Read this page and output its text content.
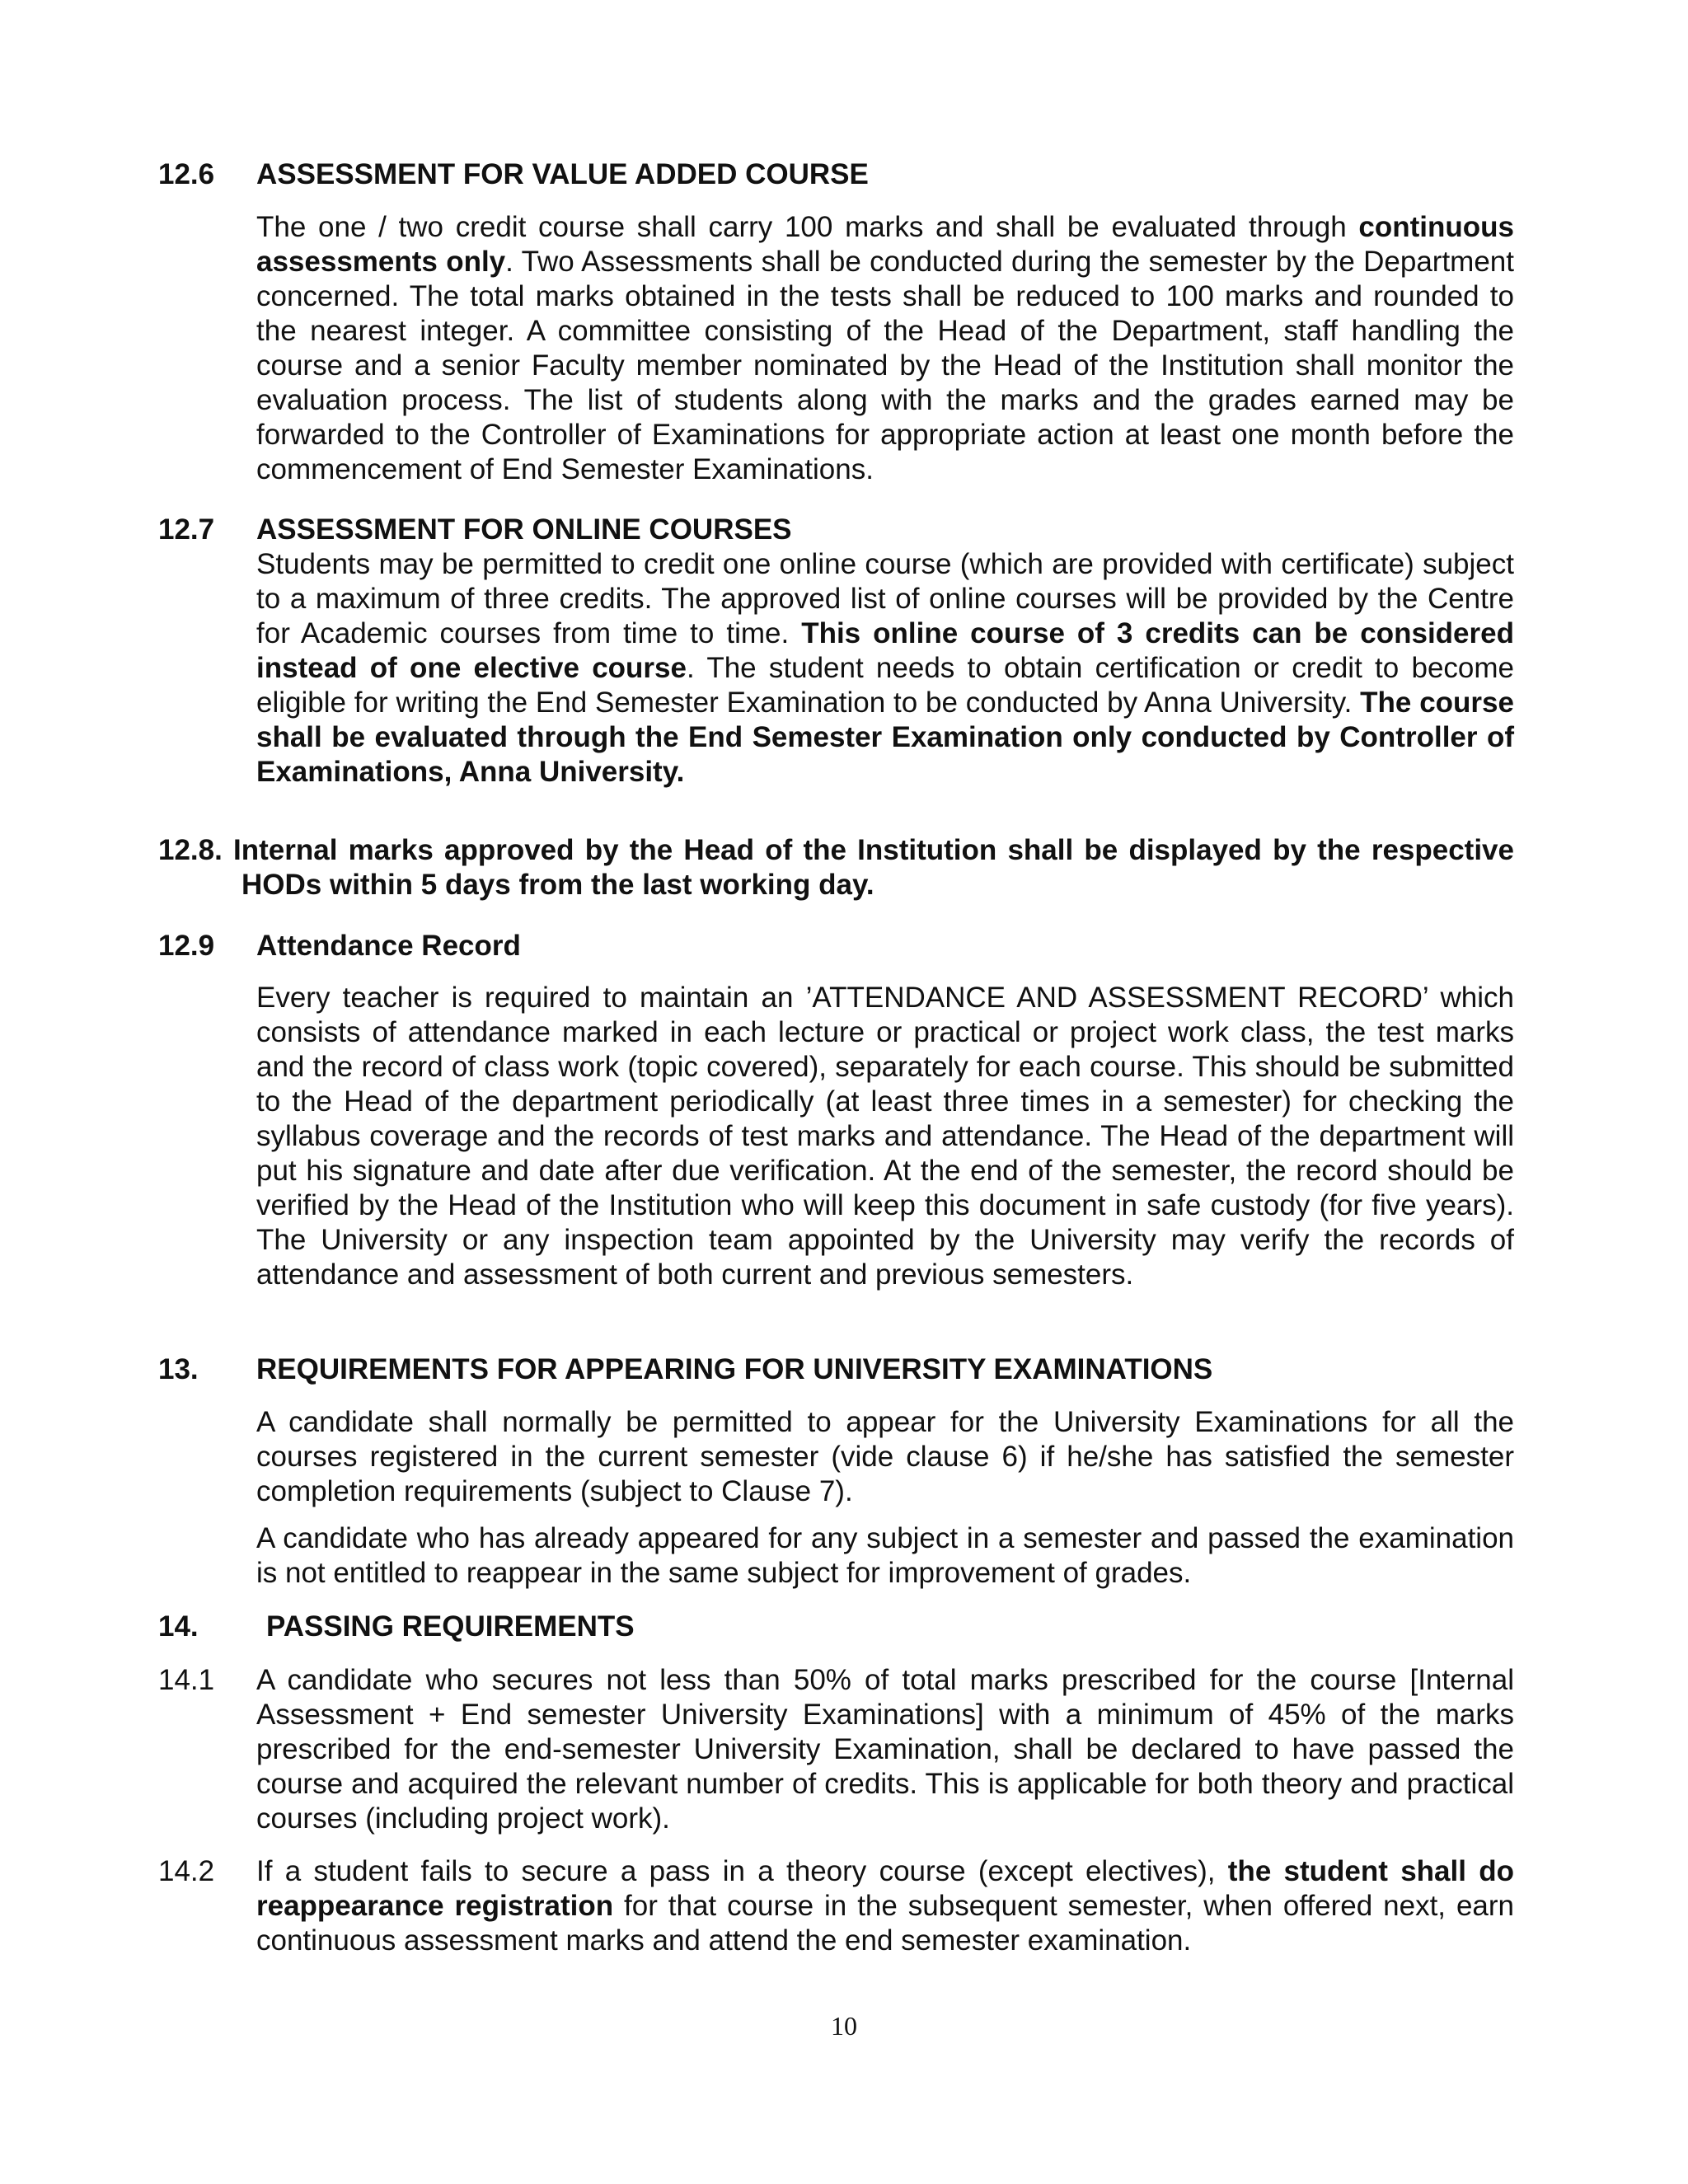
12.6 ASSESSMENT FOR VALUE ADDED COURSE

The one / two credit course shall carry 100 marks and shall be evaluated through continuous assessments only. Two Assessments shall be conducted during the semester by the Department concerned. The total marks obtained in the tests shall be reduced to 100 marks and rounded to the nearest integer. A committee consisting of the Head of the Department, staff handling the course and a senior Faculty member nominated by the Head of the Institution shall monitor the evaluation process. The list of students along with the marks and the grades earned may be forwarded to the Controller of Examinations for appropriate action at least one month before the commencement of End Semester Examinations.

12.7 ASSESSMENT FOR ONLINE COURSES

Students may be permitted to credit one online course (which are provided with certificate) subject to a maximum of three credits. The approved list of online courses will be provided by the Centre for Academic courses from time to time. This online course of 3 credits can be considered instead of one elective course. The student needs to obtain certification or credit to become eligible for writing the End Semester Examination to be conducted by Anna University. The course shall be evaluated through the End Semester Examination only conducted by Controller of Examinations, Anna University.

12.8. Internal marks approved by the Head of the Institution shall be displayed by the respective HODs within 5 days from the last working day.

12.9 Attendance Record

Every teacher is required to maintain an ’ATTENDANCE AND ASSESSMENT RECORD’ which consists of attendance marked in each lecture or practical or project work class, the test marks and the record of class work (topic covered), separately for each course. This should be submitted to the Head of the department periodically (at least three times in a semester) for checking the syllabus coverage and the records of test marks and attendance. The Head of the department will put his signature and date after due verification. At the end of the semester, the record should be verified by the Head of the Institution who will keep this document in safe custody (for five years). The University or any inspection team appointed by the University may verify the records of attendance and assessment of both current and previous semesters.

13. REQUIREMENTS FOR APPEARING FOR UNIVERSITY EXAMINATIONS

A candidate shall normally be permitted to appear for the University Examinations for all the courses registered in the current semester (vide clause 6) if he/she has satisfied the semester completion requirements (subject to Clause 7).

A candidate who has already appeared for any subject in a semester and passed the examination is not entitled to reappear in the same subject for improvement of grades.

14. PASSING REQUIREMENTS
14.1 A candidate who secures not less than 50% of total marks prescribed for the course [Internal Assessment + End semester University Examinations] with a minimum of 45% of the marks prescribed for the end-semester University Examination, shall be declared to have passed the course and acquired the relevant number of credits. This is applicable for both theory and practical courses (including project work).
14.2 If a student fails to secure a pass in a theory course (except electives), the student shall do reappearance registration for that course in the subsequent semester, when offered next, earn continuous assessment marks and attend the end semester examination.
10
